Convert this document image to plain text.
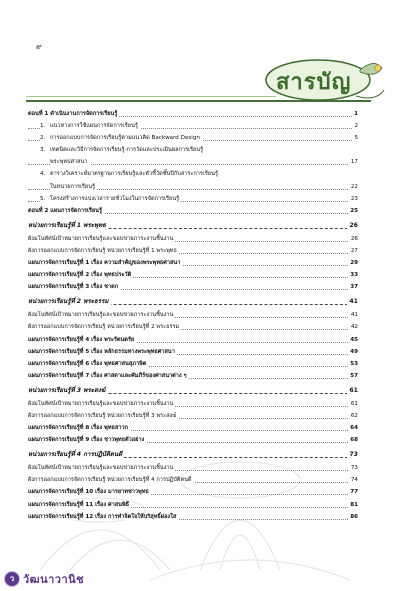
๙
สารบัญ
ตอนที่ 1 ดำเนินงานการจัดการเรียนรู้	1
1. แนวทางการใช้แผนการจัดการเรียนรู้	2
2. การออกแบบการจัดการเรียนรู้ตามแนวคิด Backward Design	5
3. เทคนิคและวิธีการจัดการเรียนรู้-การวัดและประเมินผลการเรียนรู้
พระพุทธศาสนา	17
4. ตารางวิเคราะห์มาตรฐานการเรียนรู้และตัวชี้วัดชั้นปีกับสาระการเรียนรู้
ในหน่วยการเรียนรู้	22
5. โครงสร้างการแบ่งเวลารายชั่วโมงในการจัดการเรียนรู้	23
ตอนที่ 2 แผนการจัดการเรียนรู้	25
หน่วยการเรียนรู้ที่ 1 พระพุทธ	26
ผังมโนทัศน์เป้าหมายการเรียนรู้และขอบข่ายภาระงานชิ้นงาน	26
ผังการออกแบบการจัดการเรียนรู้ หน่วยการเรียนรู้ที่ 1 พระพุทธ	27
แผนการจัดการเรียนรู้ที่ 1 เรื่อง ความสำคัญของพระพุทธศาสนา	29
แผนการจัดการเรียนรู้ที่ 2 เรื่อง พุทธประวัติ	33
แผนการจัดการเรียนรู้ที่ 3 เรื่อง ชาดก	37
หน่วยการเรียนรู้ที่ 2 พระธรรม	41
ผังมโนทัศน์เป้าหมายการเรียนรู้และขอบข่ายภาระงานชิ้นงาน	41
ผังการออกแบบการจัดการเรียนรู้ หน่วยการเรียนรู้ที่ 2 พระธรรม	42
แผนการจัดการเรียนรู้ที่ 4 เรื่อง พระรัตนตรัย	45
แผนการจัดการเรียนรู้ที่ 5 เรื่อง หลักธรรมทางพระพุทธศาสนา	49
แผนการจัดการเรียนรู้ที่ 6 เรื่อง พุทธศาสนสุภาษิต	53
แผนการจัดการเรียนรู้ที่ 7 เรื่อง ศาสดาและคัมภีร์ของศาสนาต่าง ๆ	57
หน่วยการเรียนรู้ที่ 3 พระสงฆ์	61
ผังมโนทัศน์เป้าหมายการเรียนรู้และขอบข่ายภาระงานชิ้นงาน	61
ผังการออกแบบการจัดการเรียนรู้ หน่วยการเรียนรู้ที่ 3 พระสงฆ์	62
แผนการจัดการเรียนรู้ที่ 8 เรื่อง พุทธสาวก	64
แผนการจัดการเรียนรู้ที่ 9 เรื่อง ชาวพุทธตัวอย่าง	68
หน่วยการเรียนรู้ที่ 4 การปฏิบัติตนดี	73
ผังมโนทัศน์เป้าหมายการเรียนรู้และขอบข่ายภาระงานชิ้นงาน	73
ผังการออกแบบการจัดการเรียนรู้ หน่วยการเรียนรู้ที่ 4 การปฏิบัติตนดี	74
แผนการจัดการเรียนรู้ที่ 10 เรื่อง มารยาทชาวพุทธ	77
แผนการจัดการเรียนรู้ที่ 11 เรื่อง ศาสนพิธี	81
แผนการจัดการเรียนรู้ที่ 12 เรื่อง การทำจิตใจให้บริสุทธิ์ผ่องใส	86
ว วัฒนาวานิช
